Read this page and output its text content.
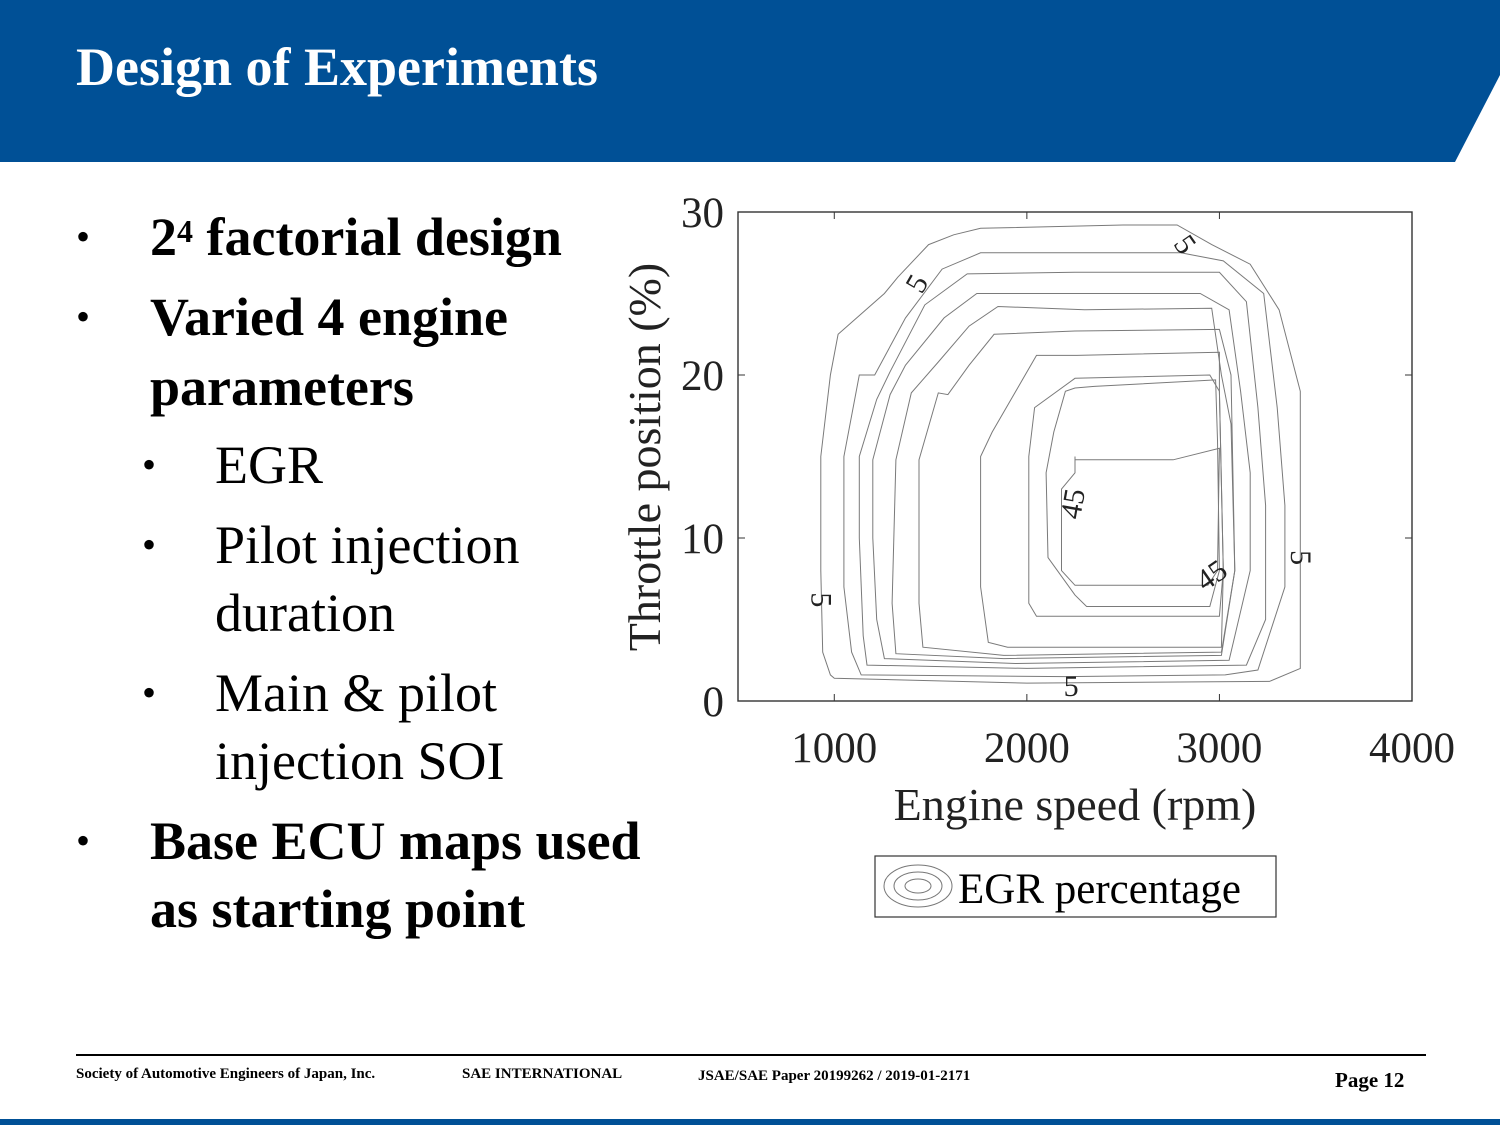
Design of Experiments
• $2^4$ factorial design
• Varied 4 engine
parameters
• EGR
• Pilot injection
duration
• Main & pilot
injection SOI
• Base ECU maps used
as starting point
1000 2000 3000 4000
0
10
20
30
5
5
5
5
5
45
45
Engine speed (rpm)
Throttle position (%)
EGR percentage
Society of Automotive Engineers of Japan, Inc.	SAE INTERNATIONAL	JSAE/SAE Paper 20199262 / 2019-01-2171	Page 12
